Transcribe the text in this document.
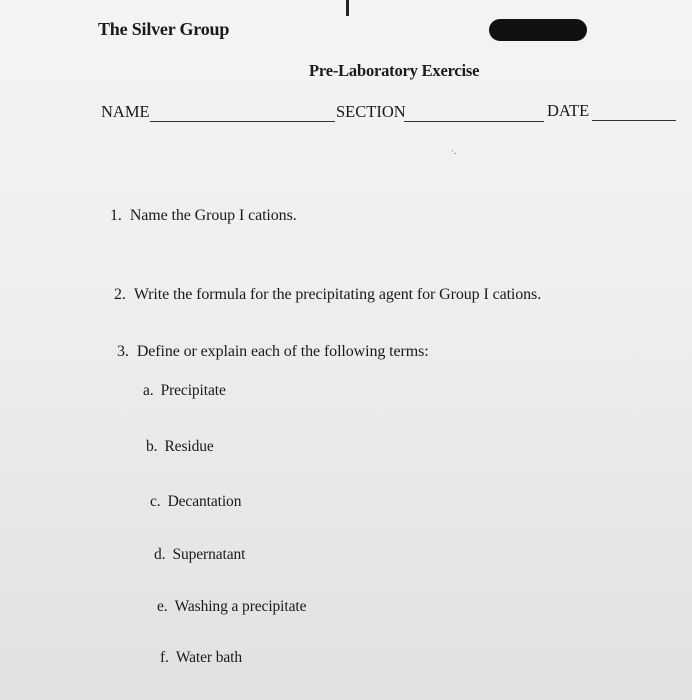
The Silver Group
Pre-Laboratory Exercise
NAME	SECTION	DATE
·.
1. Name the Group I cations.
2. Write the formula for the precipitating agent for Group I cations.
3. Define or explain each of the following terms:
a. Precipitate
b. Residue
c. Decantation
d. Supernatant
e. Washing a precipitate
f. Water bath
